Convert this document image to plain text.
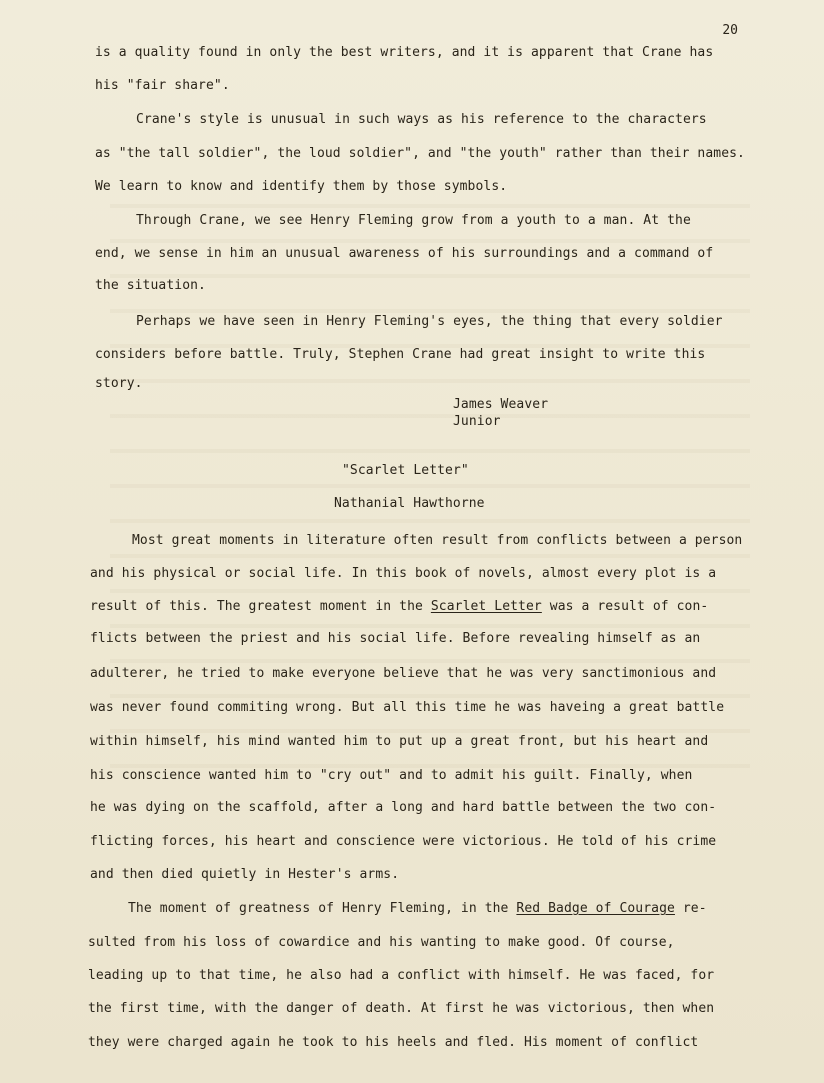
20
is a quality found in only the best writers, and it is apparent that Crane has
his "fair share".
Crane's style is unusual in such ways as his reference to the characters
as "the tall soldier", the loud soldier", and "the youth" rather than their names.
We learn to know and identify them by those symbols.
Through Crane, we see Henry Fleming grow from a youth to a man. At the
end, we sense in him an unusual awareness of his surroundings and a command of
the situation.
Perhaps we have seen in Henry Fleming's eyes, the thing that every soldier
considers before battle. Truly, Stephen Crane had great insight to write this
story.
James Weaver
Junior
"Scarlet Letter"
Nathanial Hawthorne
Most great moments in literature often result from conflicts between a person
and his physical or social life. In this book of novels, almost every plot is a
result of this. The greatest moment in the Scarlet Letter was a result of con-
flicts between the priest and his social life. Before revealing himself as an
adulterer, he tried to make everyone believe that he was very sanctimonious and
was never found commiting wrong. But all this time he was haveing a great battle
within himself, his mind wanted him to put up a great front, but his heart and
his conscience wanted him to "cry out" and to admit his guilt. Finally, when
he was dying on the scaffold, after a long and hard battle between the two con-
flicting forces, his heart and conscience were victorious. He told of his crime
and then died quietly in Hester's arms.
The moment of greatness of Henry Fleming, in the Red Badge of Courage re-
sulted from his loss of cowardice and his wanting to make good. Of course,
leading up to that time, he also had a conflict with himself. He was faced, for
the first time, with the danger of death. At first he was victorious, then when
they were charged again he took to his heels and fled. His moment of conflict
